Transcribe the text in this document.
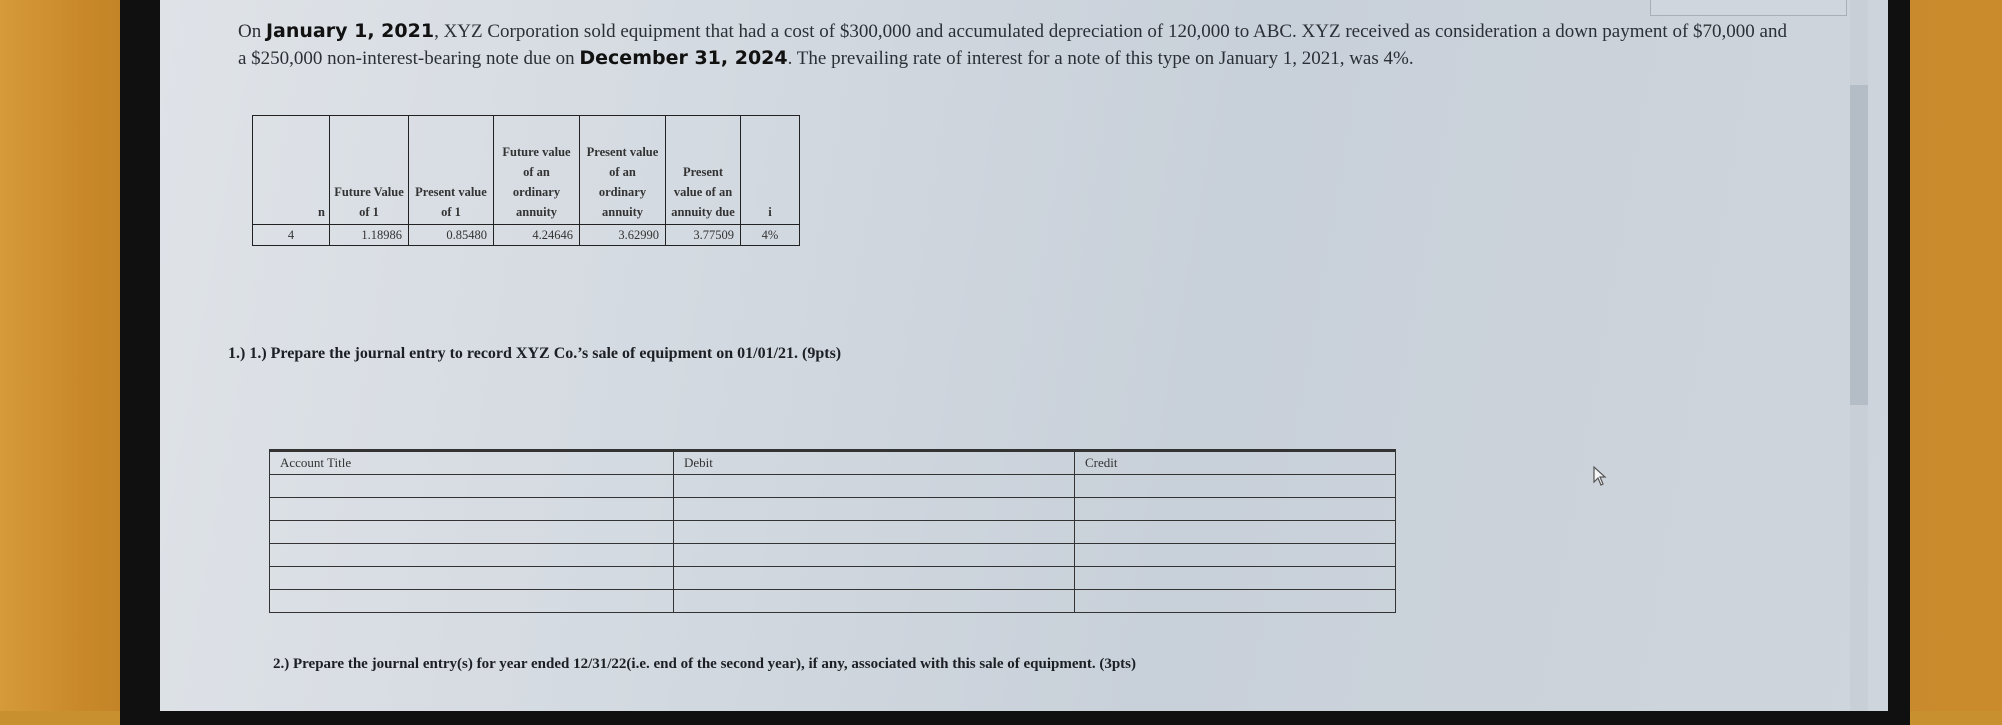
On January 1, 2021, XYZ Corporation sold equipment that had a cost of $300,000 and accumulated depreciation of 120,000 to ABC. XYZ received as consideration a down payment of $70,000 and a $250,000 non-interest-bearing note due on December 31, 2024. The prevailing rate of interest for a note of this type on January 1, 2021, was 4%.

n	Future Value of 1	Present value of 1	Future value of an ordinary annuity	Present value of an ordinary annuity	Present value of an annuity due	i
4	1.18986	0.85480	4.24646	3.62990	3.77509	4%
1.) 1.) Prepare the journal entry to record XYZ Co.’s sale of equipment on 01/01/21. (9pts)
Account Title	Debit	Credit

2.) Prepare the journal entry(s) for year ended 12/31/22(i.e. end of the second year), if any, associated with this sale of equipment. (3pts)
